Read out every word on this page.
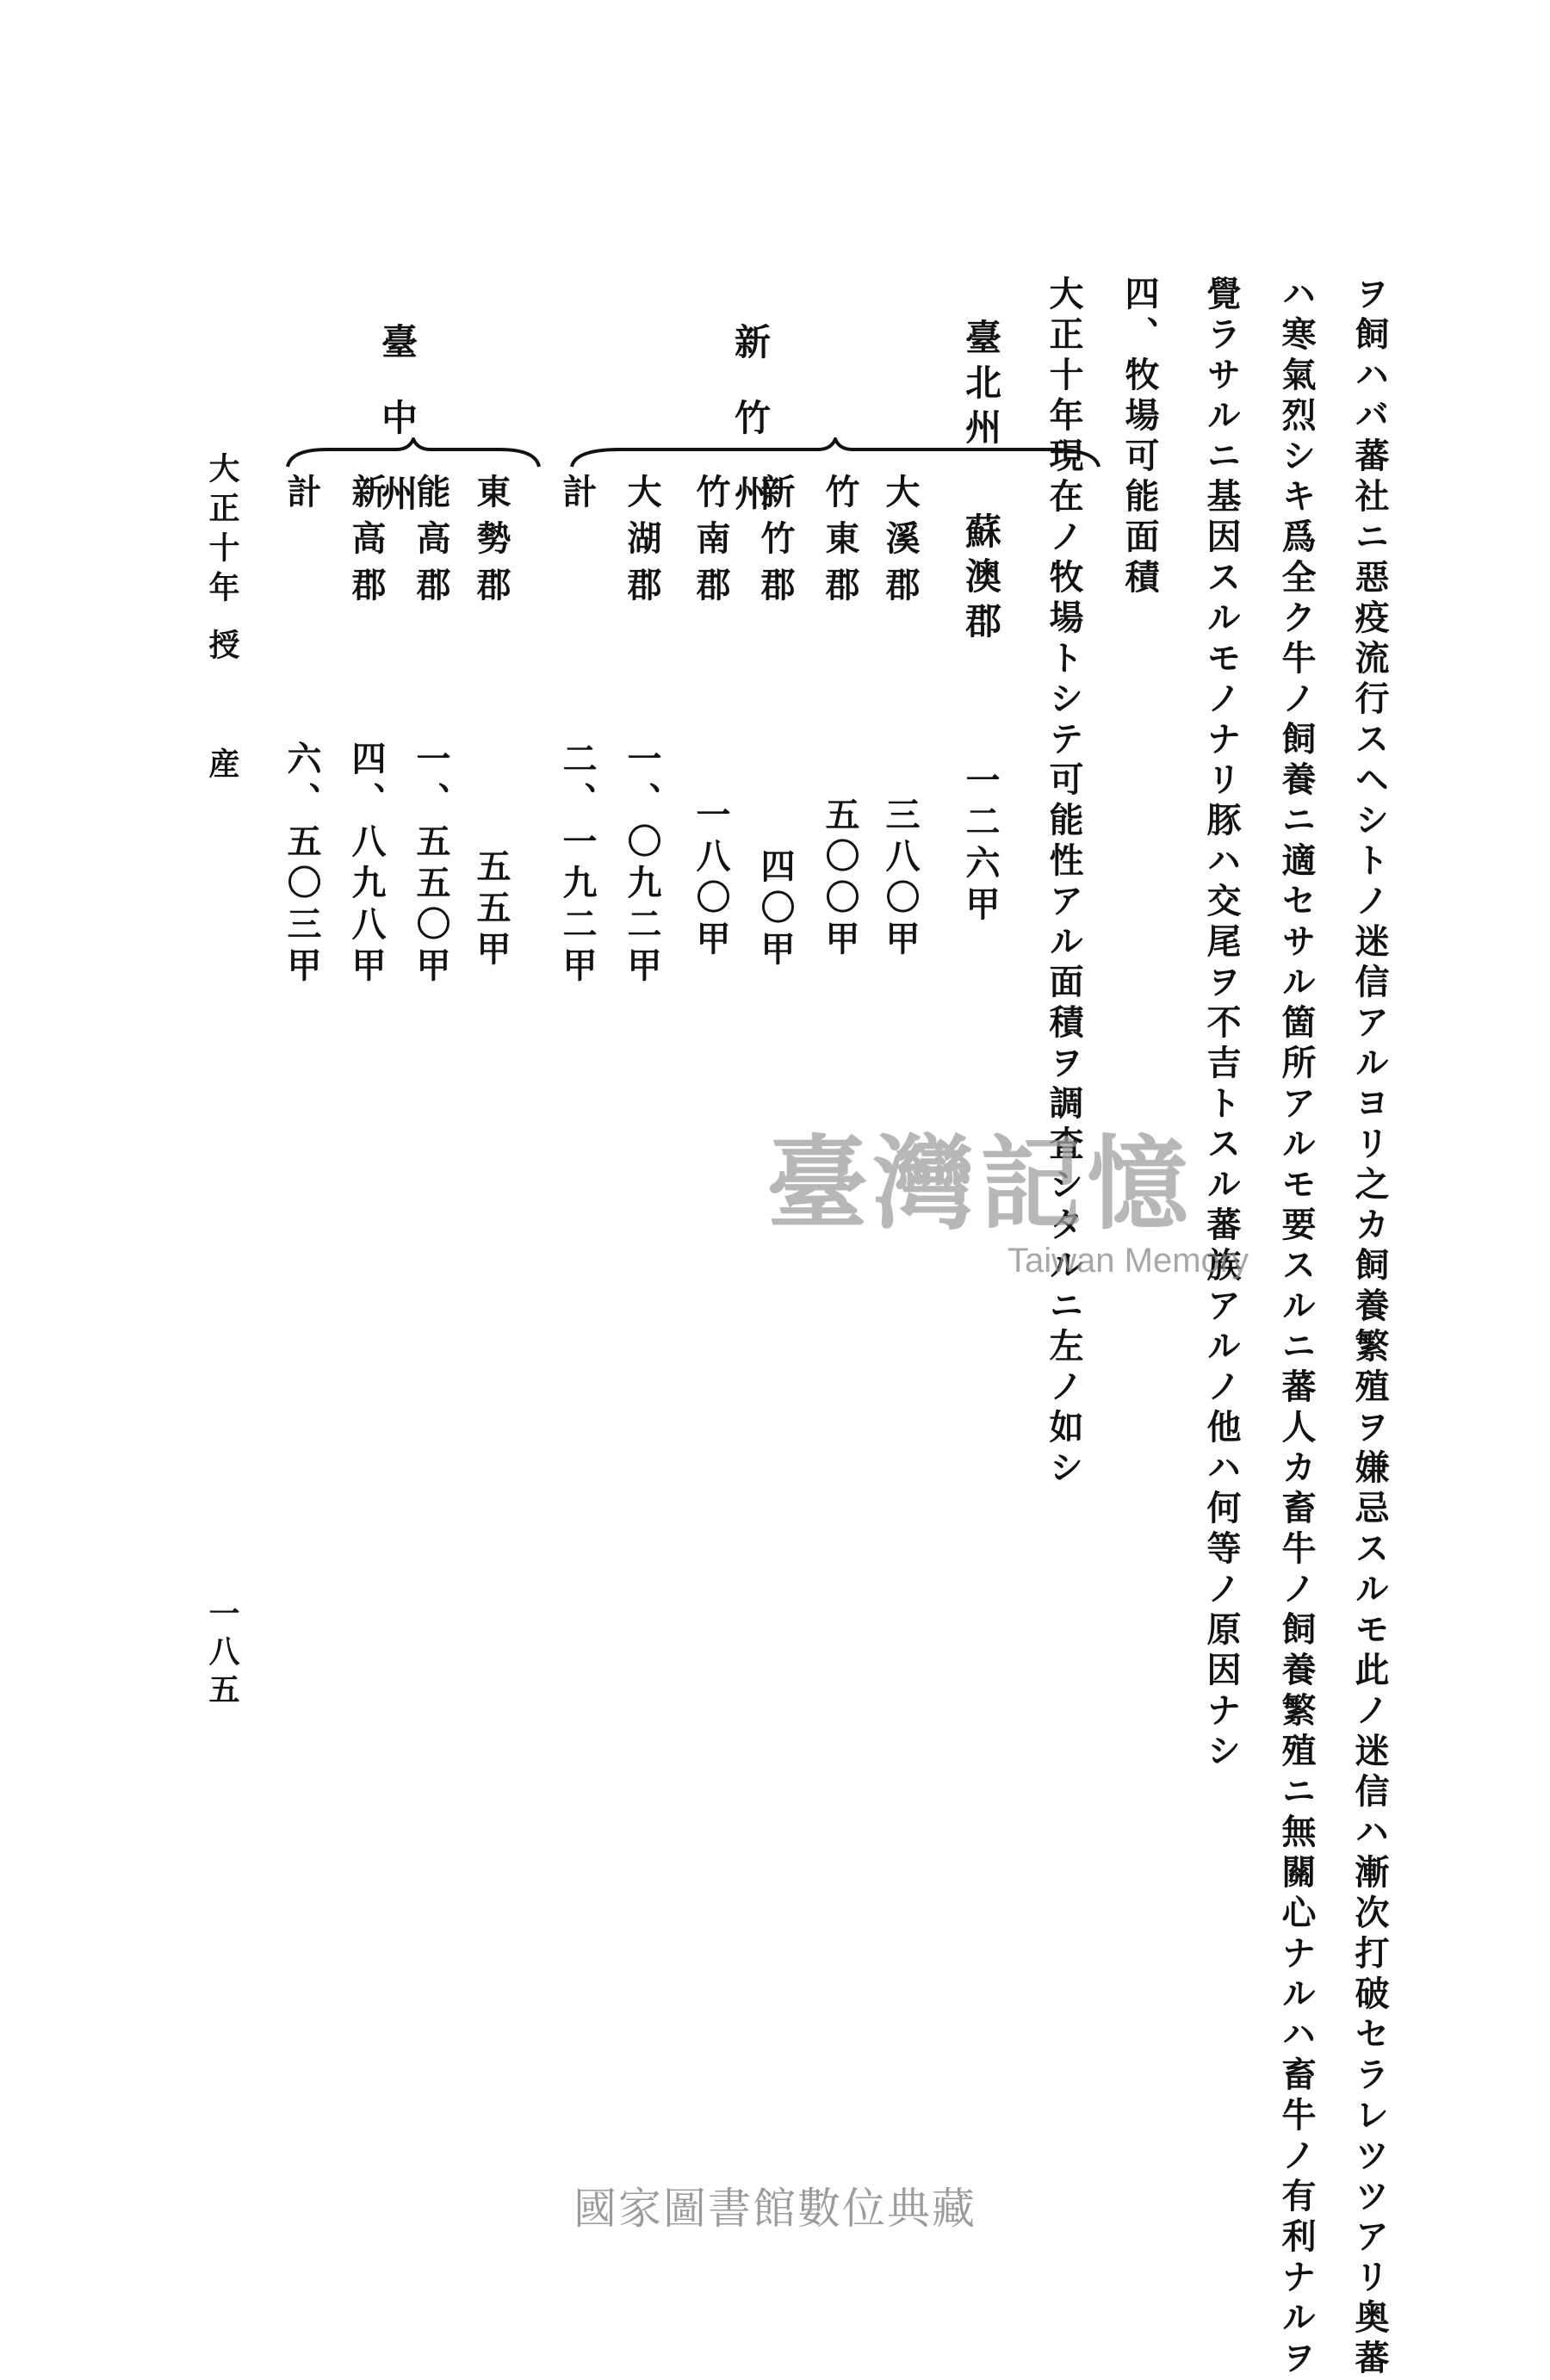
ヲ飼ハバ蕃社ニ惡疫流行スヘシトノ迷信アルヨリ之カ飼養繁殖ヲ嫌忌スルモ此ノ迷信ハ漸次打破セラレツツアリ奥蕃
ハ寒氣烈シキ爲全ク牛ノ飼養ニ適セサル箇所アルモ要スルニ蕃人カ畜牛ノ飼養繁殖ニ無關心ナルハ畜牛ノ有利ナルヲ
覺ラサルニ基因スルモノナリ豚ハ交尾ヲ不吉トスル蕃族アルノ他ハ何等ノ原因ナシ
四、牧場可能面積
大正十年現在ノ牧場トシテ可能性アル面積ヲ調査シタルニ左ノ如シ
臺北州
蘇澳郡
一二六甲
新竹州	大溪郡
三八〇甲
竹東郡
五〇〇甲
新竹郡
四〇甲
竹南郡
一八〇甲
大湖郡
一、〇九二甲
計
二、一九二甲
臺中州 東勢郡
五五甲
能高郡
一、五五〇甲
新高郡
四、八九八甲
計
六、五〇三甲
大正十年
授　　産
一八五
臺灣記憶
Taiwan Memory
國家圖書館數位典藏
